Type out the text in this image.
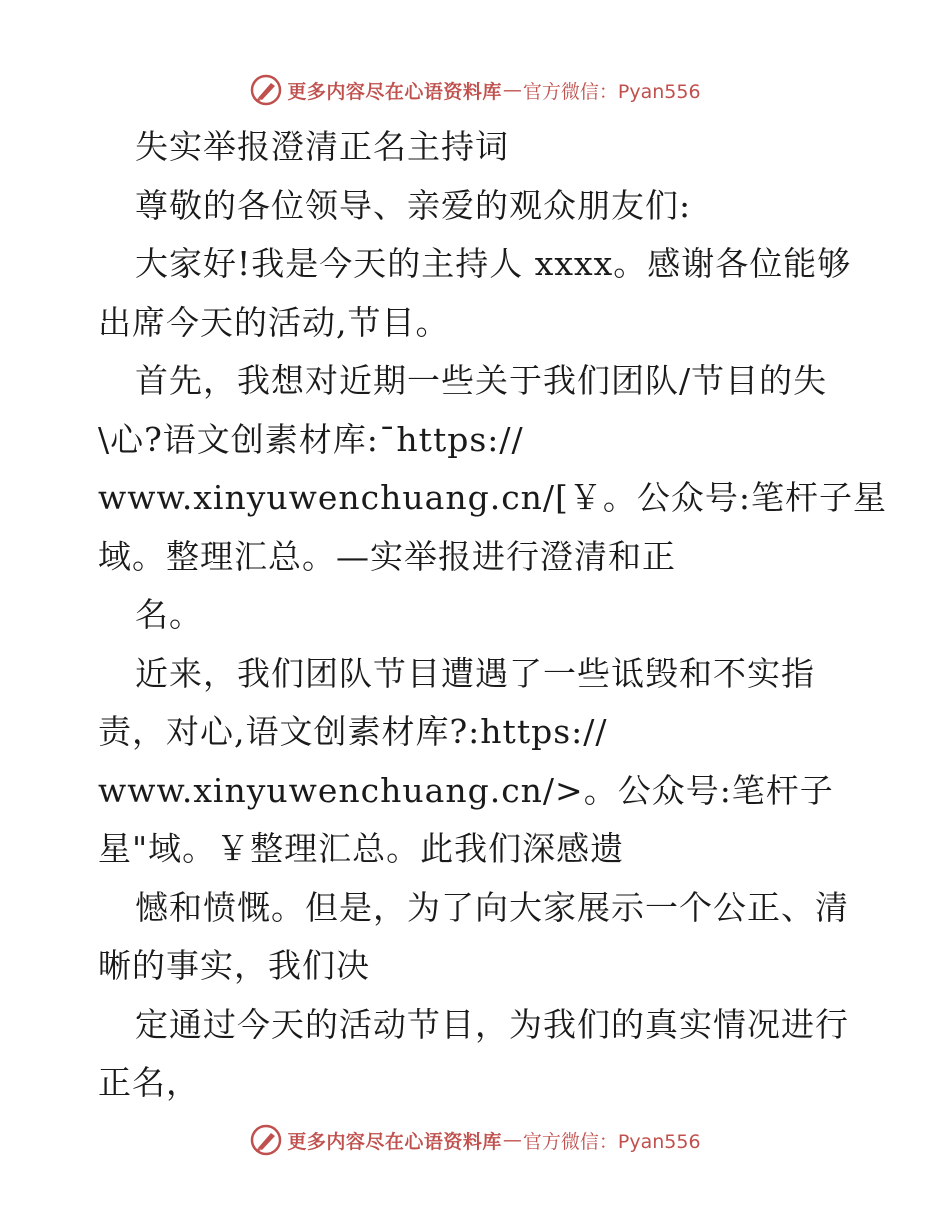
更多内容尽在心语资料库 — 官方微信：Pyan556
失实举报澄清正名主持词
尊敬的各位领导、亲爱的观众朋友们:
大家好!我是今天的主持人 xxxx。感谢各位能够
出席今天的活动,节目。
首先，我想对近期一些关于我们团队/节目的失
\心?语文创素材库:¯https://
www.xinyuwenchuang.cn/[￥。公众号:笔杆子星
域。整理汇总。—实举报进行澄清和正
名。
近来，我们团队节目遭遇了一些诋毁和不实指
责，对心,语文创素材库?:https://
www.xinyuwenchuang.cn/>。公众号:笔杆子
星"域。￥整理汇总。此我们深感遗
憾和愤慨。但是，为了向大家展示一个公正、清
晰的事实，我们决
定通过今天的活动节目，为我们的真实情况进行
正名，
更多内容尽在心语资料库 — 官方微信：Pyan556
